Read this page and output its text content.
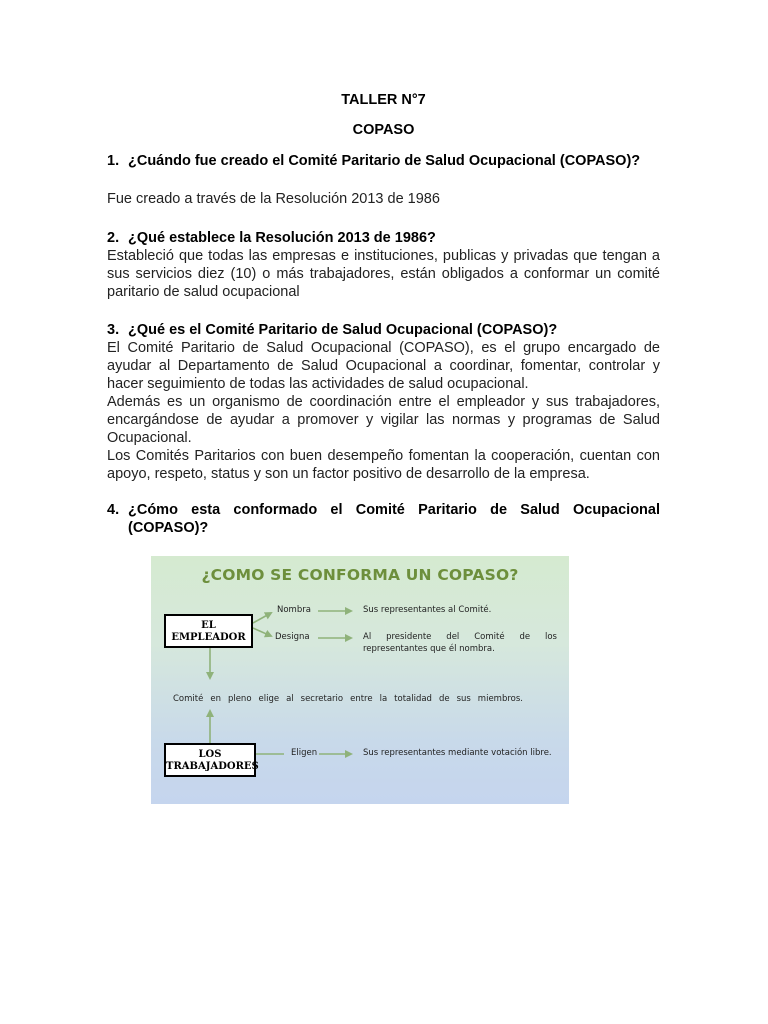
TALLER N°7
COPASO
1. ¿Cuándo fue creado el Comité Paritario de Salud Ocupacional (COPASO)?

Fue creado a través de la Resolución 2013 de 1986

2. ¿Qué establece la Resolución 2013 de 1986?

Estableció que todas las empresas e instituciones, publicas y privadas que tengan a sus servicios diez (10) o más trabajadores, están obligados a conformar un comité paritario de salud ocupacional

3. ¿Qué es el Comité Paritario de Salud Ocupacional (COPASO)?

El Comité Paritario de Salud Ocupacional (COPASO), es el grupo encargado de ayudar al Departamento de Salud Ocupacional a coordinar, fomentar, controlar y hacer seguimiento de todas las actividades de salud ocupacional.

Además es un organismo de coordinación entre el empleador y sus trabajadores, encargándose de ayudar a promover y vigilar las normas y programas de Salud Ocupacional.

Los Comités Paritarios con buen desempeño fomentan la cooperación, cuentan con apoyo, respeto, status y son un factor positivo de desarrollo de la empresa.

4. ¿Cómo esta conformado el Comité Paritario de Salud Ocupacional (COPASO)?
¿COMO SE CONFORMA UN COPASO?
EL
EMPLEADOR
Nombra	Sus representantes al Comité.
Designa	Al presidente del Comité de los representantes que él nombra.
Comité en pleno elige al secretario entre la totalidad de sus miembros.
LOS
TRABAJADORES
Eligen	Sus representantes mediante votación libre.
